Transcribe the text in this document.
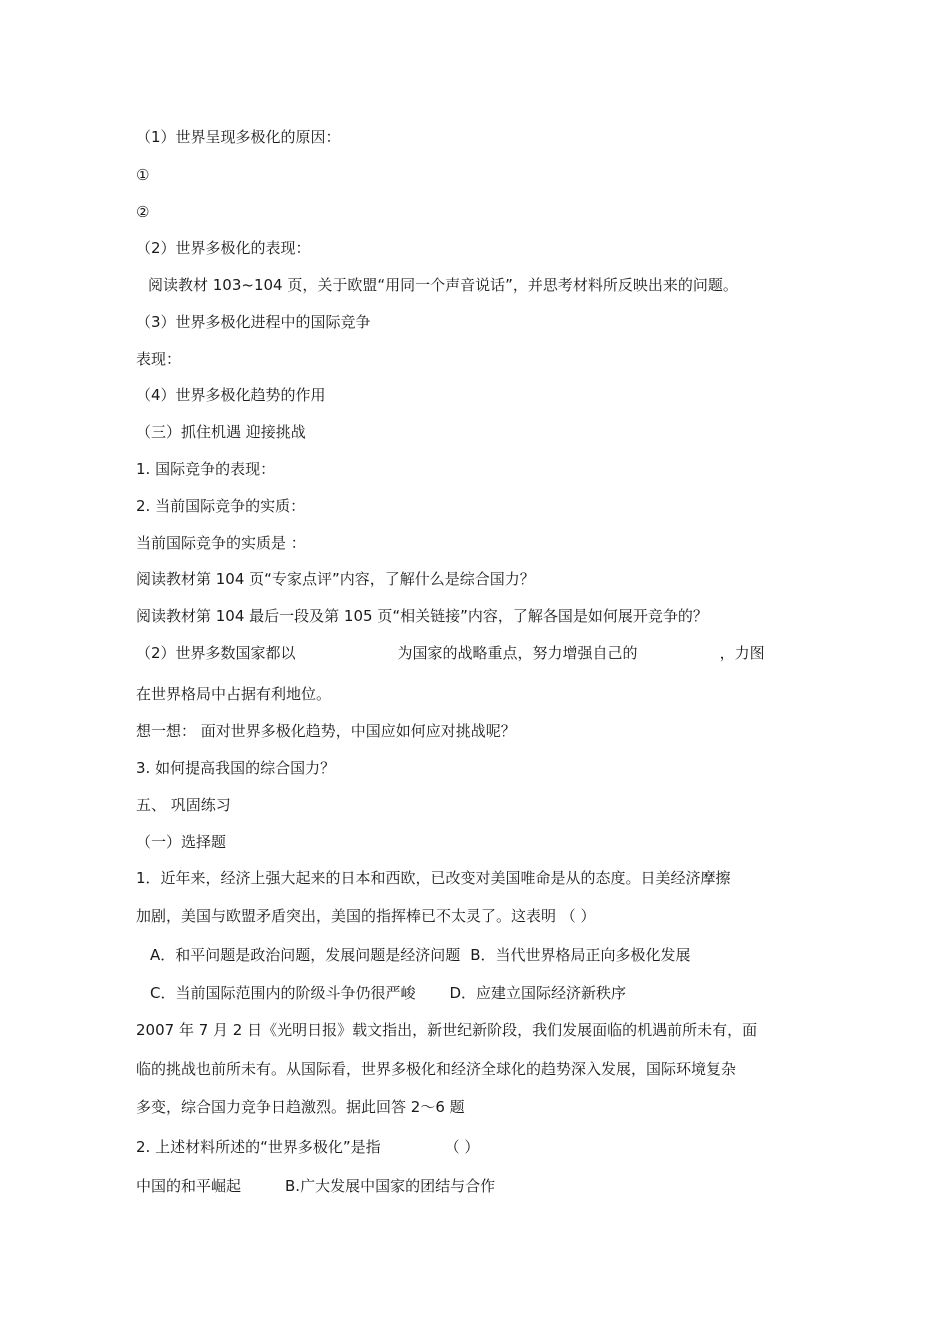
（1）世界呈现多极化的原因：
①
②
（2）世界多极化的表现：
阅读教材 103~104 页，关于欧盟“用同一个声音说话”，并思考材料所反映出来的问题。
（3）世界多极化进程中的国际竞争
表现：
（4）世界多极化趋势的作用
（三）抓住机遇 迎接挑战
1. 国际竞争的表现：
2. 当前国际竞争的实质：
当前国际竞争的实质是 ：
阅读教材第 104 页“专家点评”内容，了解什么是综合国力？
阅读教材第 104 最后一段及第 105 页“相关链接”内容，了解各国是如何展开竞争的？
（2）世界多数国家都以	为国家的战略重点，努力增强自己的	，力图
在世界格局中占据有利地位。
想一想： 面对世界多极化趋势，中国应如何应对挑战呢？
3. 如何提高我国的综合国力？
五、 巩固练习
（一）选择题
1．近年来，经济上强大起来的日本和西欧，已改变对美国唯命是从的态度。日美经济摩擦
加剧，美国与欧盟矛盾突出，美国的指挥棒已不太灵了。这表明 （ ）
A．和平问题是政治问题，发展问题是经济问题 B．当代世界格局正向多极化发展
C．当前国际范围内的阶级斗争仍很严峻 D．应建立国际经济新秩序
2007 年 7 月 2 日《光明日报》载文指出，新世纪新阶段，我们发展面临的机遇前所未有，面
临的挑战也前所未有。从国际看，世界多极化和经济全球化的趋势深入发展，国际环境复杂
多变，综合国力竞争日趋激烈。据此回答 2～6 题
2. 上述材料所述的“世界多极化”是指	（ ）
中国的和平崛起	B.广大发展中国家的团结与合作
